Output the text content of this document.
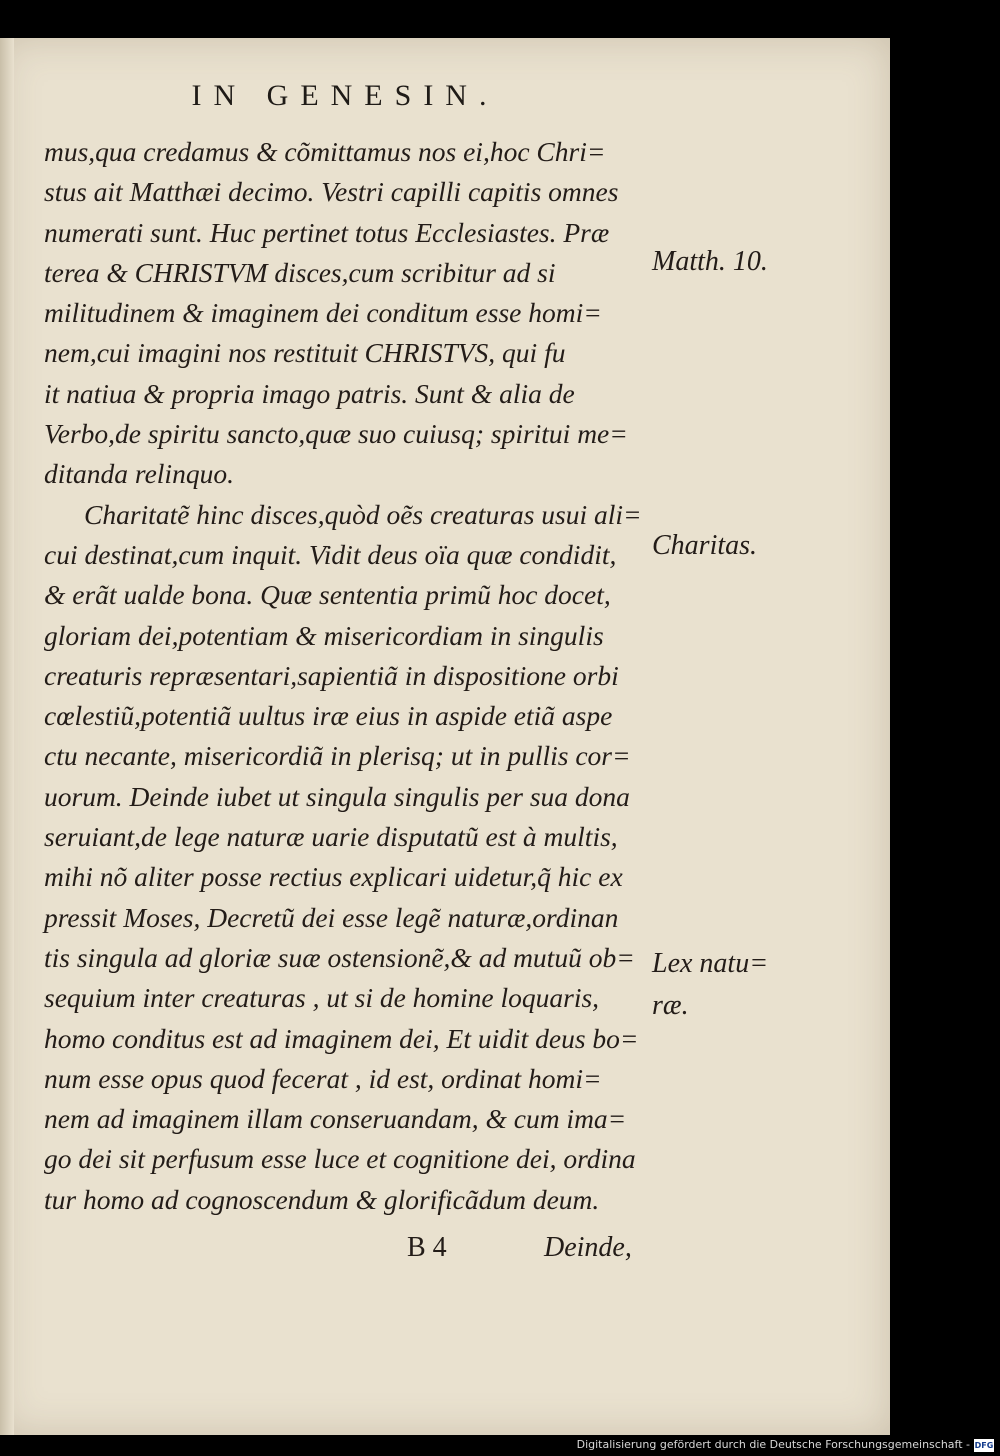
IN GENESIN.
mus,qua credamus & cõmittamus nos ei,hoc Chri=
stus ait Matthæi decimo. Vestri capilli capitis omnes
numerati sunt. Huc pertinet totus Ecclesiastes. Præ
terea & CHRISTVM disces,cum scribitur ad si
militudinem & imaginem dei conditum esse homi=
nem,cui imagini nos restituit CHRISTVS, qui fu
it natiua & propria imago patris. Sunt & alia de
Verbo,de spiritu sancto,quæ suo cuiusq; spiritui me=
ditanda relinquo.
Charitatẽ hinc disces,quòd oẽs creaturas usui ali=
cui destinat,cum inquit. Vidit deus oïa quæ condidit,
& erãt ualde bona. Quæ sententia primũ hoc docet,
gloriam dei,potentiam & misericordiam in singulis
creaturis repræsentari,sapientiã in dispositione orbi
cœlestiũ,potentiã uultus iræ eius in aspide etiã aspe
ctu necante, misericordiã in plerisq; ut in pullis cor=
uorum. Deinde iubet ut singula singulis per sua dona
seruiant,de lege naturæ uarie disputatũ est à multis,
mihi nõ aliter posse rectius explicari uidetur,q̃ hic ex
pressit Moses, Decretũ dei esse legẽ naturæ,ordinan
tis singula ad gloriæ suæ ostensionẽ,& ad mutuũ ob=
sequium inter creaturas , ut si de homine loquaris,
homo conditus est ad imaginem dei, Et uidit deus bo=
num esse opus quod fecerat , id est, ordinat homi=
nem ad imaginem illam conseruandam, & cum ima=
go dei sit perfusum esse luce et cognitione dei, ordina
tur homo ad cognoscendum & glorificãdum deum.
Matth. 10.
Charitas.
Lex natu=
ræ.
B 4	Deinde,
Digitalisierung gefördert durch die Deutsche Forschungsgemeinschaft - DFG
